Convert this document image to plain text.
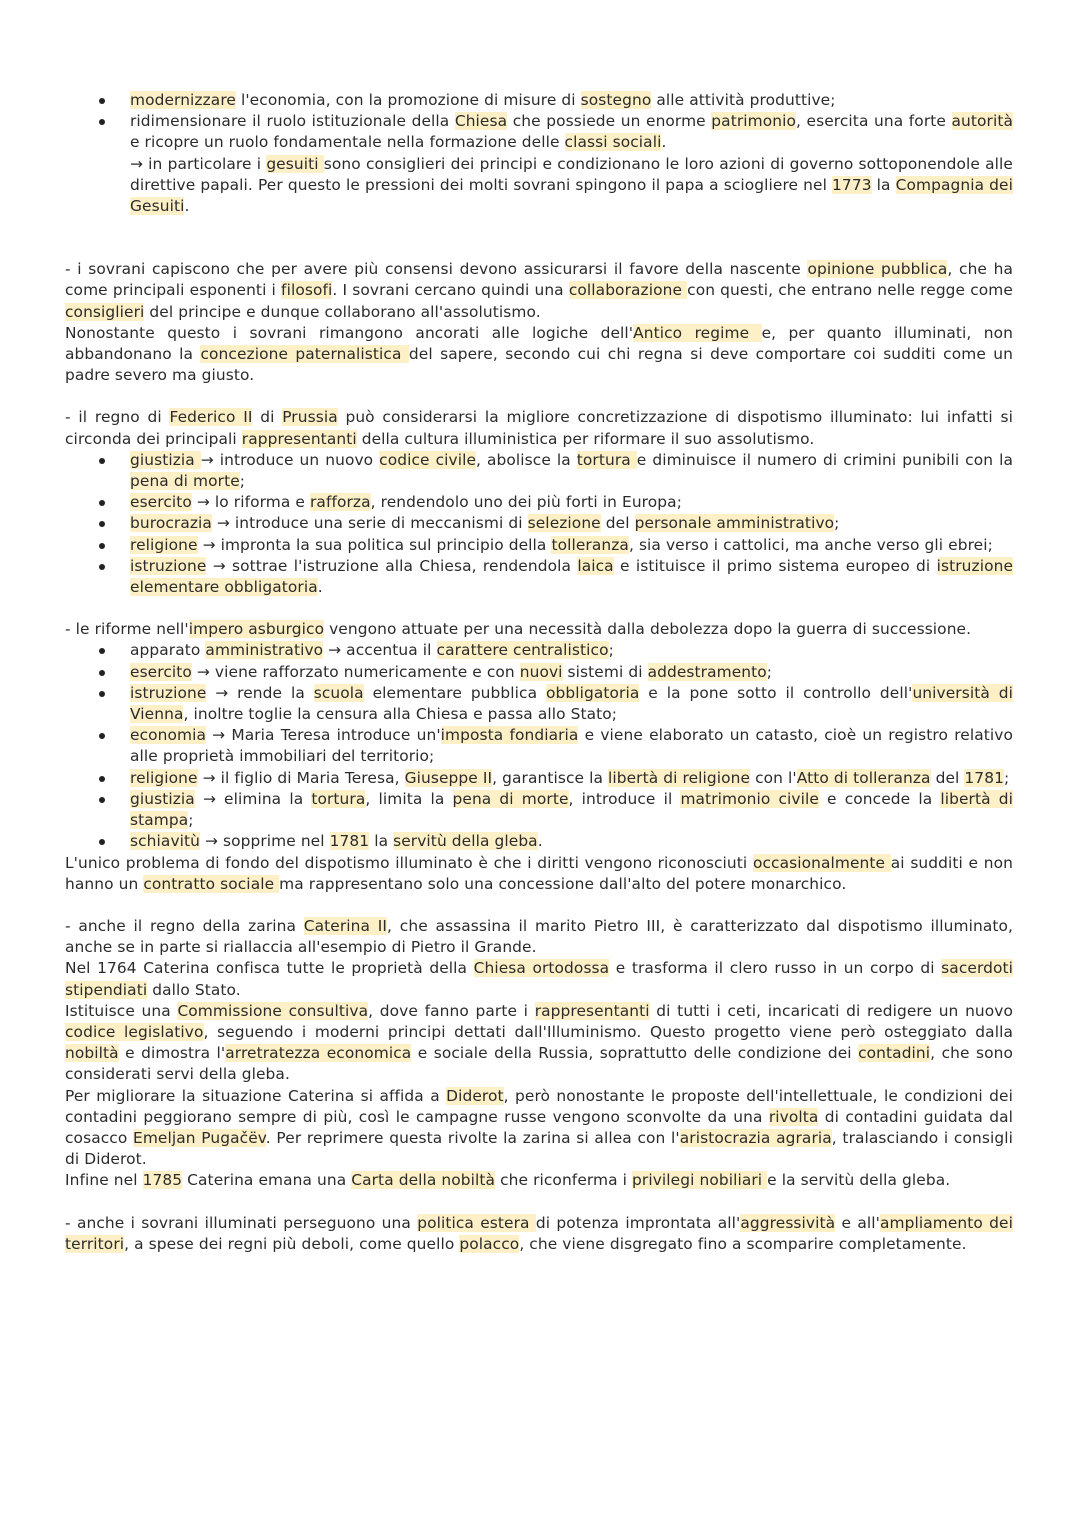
modernizzare l'economia, con la promozione di misure di sostegno alle attività produttive;

ridimensionare il ruolo istituzionale della Chiesa che possiede un enorme patrimonio, esercita una forte autorità e ricopre un ruolo fondamentale nella formazione delle classi sociali.

→ in particolare i gesuiti sono consiglieri dei principi e condizionano le loro azioni di governo sottoponendole alle direttive papali. Per questo le pressioni dei molti sovrani spingono il papa a sciogliere nel 1773 la Compagnia dei Gesuiti.

- i sovrani capiscono che per avere più consensi devono assicurarsi il favore della nascente opinione pubblica, che ha come principali esponenti i filosofi. I sovrani cercano quindi una collaborazione con questi, che entrano nelle regge come consiglieri del principe e dunque collaborano all'assolutismo.

Nonostante questo i sovrani rimangono ancorati alle logiche dell'Antico regime e, per quanto illuminati, non abbandonano la concezione paternalistica del sapere, secondo cui chi regna si deve comportare coi sudditi come un padre severo ma giusto.

- il regno di Federico II di Prussia può considerarsi la migliore concretizzazione di dispotismo illuminato: lui infatti si circonda dei principali rappresentanti della cultura illuministica per riformare il suo assolutismo.

giustizia → introduce un nuovo codice civile, abolisce la tortura e diminuisce il numero di crimini punibili con la pena di morte;

esercito → lo riforma e rafforza, rendendolo uno dei più forti in Europa;

burocrazia → introduce una serie di meccanismi di selezione del personale amministrativo;

religione → impronta la sua politica sul principio della tolleranza, sia verso i cattolici, ma anche verso gli ebrei;

istruzione → sottrae l'istruzione alla Chiesa, rendendola laica e istituisce il primo sistema europeo di istruzione elementare obbligatoria.

- le riforme nell'impero asburgico vengono attuate per una necessità dalla debolezza dopo la guerra di successione.

apparato amministrativo → accentua il carattere centralistico;

esercito → viene rafforzato numericamente e con nuovi sistemi di addestramento;

istruzione → rende la scuola elementare pubblica obbligatoria e la pone sotto il controllo dell'università di Vienna, inoltre toglie la censura alla Chiesa e passa allo Stato;

economia → Maria Teresa introduce un'imposta fondiaria e viene elaborato un catasto, cioè un registro relativo alle proprietà immobiliari del territorio;

religione → il figlio di Maria Teresa, Giuseppe II, garantisce la libertà di religione con l'Atto di tolleranza del 1781;

giustizia → elimina la tortura, limita la pena di morte, introduce il matrimonio civile e concede la libertà di stampa;

schiavitù → sopprime nel 1781 la servitù della gleba.

L'unico problema di fondo del dispotismo illuminato è che i diritti vengono riconosciuti occasionalmente ai sudditi e non hanno un contratto sociale ma rappresentano solo una concessione dall'alto del potere monarchico.

- anche il regno della zarina Caterina II, che assassina il marito Pietro III, è caratterizzato dal dispotismo illuminato, anche se in parte si riallaccia all'esempio di Pietro il Grande.

Nel 1764 Caterina confisca tutte le proprietà della Chiesa ortodossa e trasforma il clero russo in un corpo di sacerdoti stipendiati dallo Stato.

Istituisce una Commissione consultiva, dove fanno parte i rappresentanti di tutti i ceti, incaricati di redigere un nuovo codice legislativo, seguendo i moderni principi dettati dall'Illuminismo. Questo progetto viene però osteggiato dalla nobiltà e dimostra l'arretratezza economica e sociale della Russia, soprattutto delle condizione dei contadini, che sono considerati servi della gleba.

Per migliorare la situazione Caterina si affida a Diderot, però nonostante le proposte dell'intellettuale, le condizioni dei contadini peggiorano sempre di più, così le campagne russe vengono sconvolte da una rivolta di contadini guidata dal cosacco Emeljan Pugačëv. Per reprimere questa rivolte la zarina si allea con l'aristocrazia agraria, tralasciando i consigli di Diderot.

Infine nel 1785 Caterina emana una Carta della nobiltà che riconferma i privilegi nobiliari e la servitù della gleba.

- anche i sovrani illuminati perseguono una politica estera di potenza improntata all'aggressività e all'ampliamento dei territori, a spese dei regni più deboli, come quello polacco, che viene disgregato fino a scomparire completamente.
